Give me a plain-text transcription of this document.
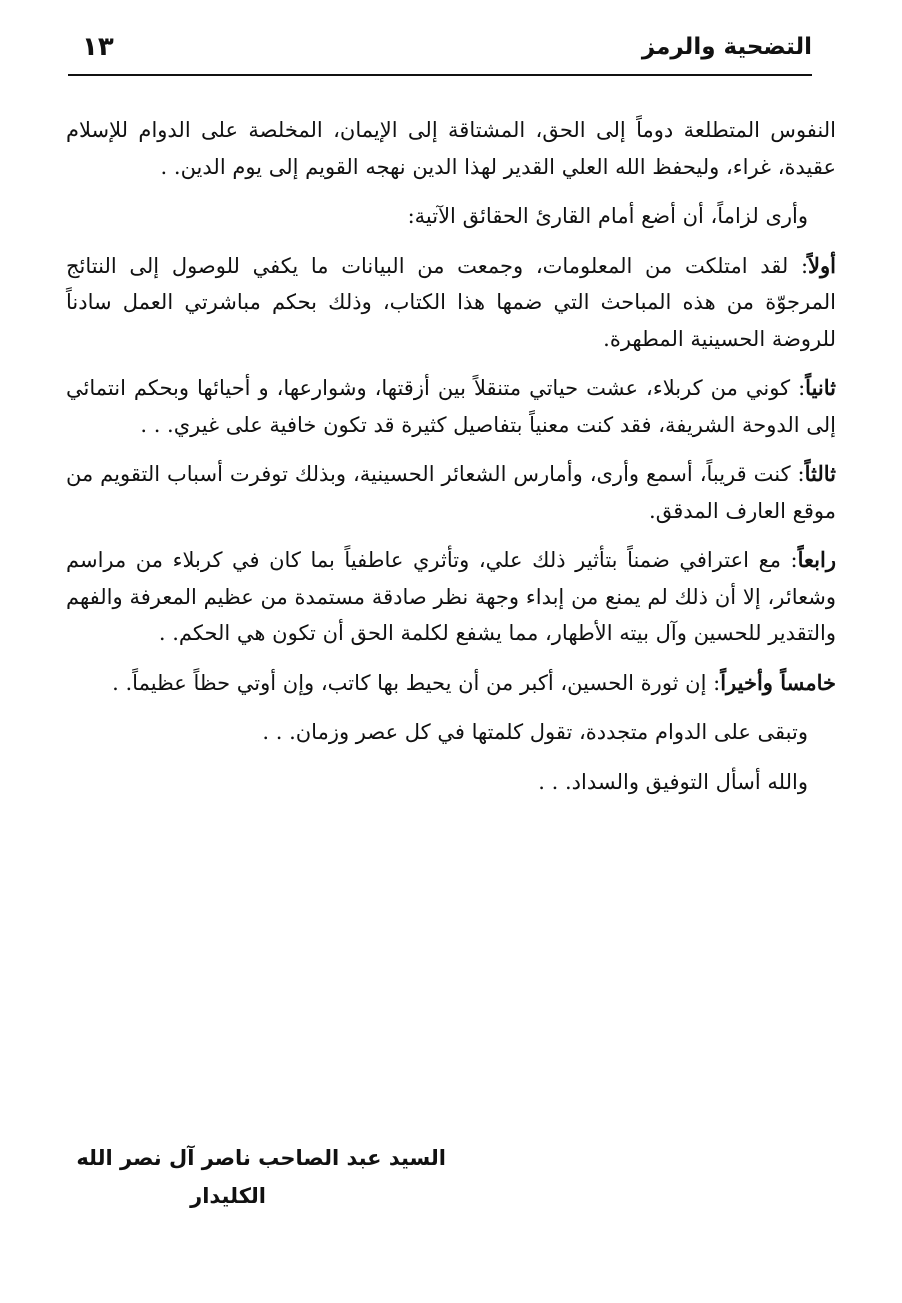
التضحية والرمز
١٣

النفوس المتطلعة دوماً إلى الحق، المشتاقة إلى الإيمان، المخلصة على الدوام للإسلام عقيدة، غراء، وليحفظ الله العلي القدير لهذا الدين نهجه القويم إلى يوم الدين. .

وأرى لزاماً، أن أضع أمام القارئ الحقائق الآتية:

أولاً: لقد امتلكت من المعلومات، وجمعت من البيانات ما يكفي للوصول إلى النتائج المرجوّة من هذه المباحث التي ضمها هذا الكتاب، وذلك بحكم مباشرتي العمل سادناً للروضة الحسينية المطهرة.

ثانياً: كوني من كربلاء، عشت حياتي متنقلاً بين أزقتها، وشوارعها، و أحيائها وبحكم انتمائي إلى الدوحة الشريفة، فقد كنت معنياً بتفاصيل كثيرة قد تكون خافية على غيري. . .

ثالثاً: كنت قريباً، أسمع وأرى، وأمارس الشعائر الحسينية، وبذلك توفرت أسباب التقويم من موقع العارف المدقق.

رابعاً: مع اعترافي ضمناً بتأثير ذلك علي، وتأثري عاطفياً بما كان في كربلاء من مراسم وشعائر، إلا أن ذلك لم يمنع من إبداء وجهة نظر صادقة مستمدة من عظيم المعرفة والفهم والتقدير للحسين وآل بيته الأطهار، مما يشفع لكلمة الحق أن تكون هي الحكم. .

خامساً وأخيراً: إن ثورة الحسين، أكبر من أن يحيط بها كاتب، وإن أوتي حظاً عظيماً. .

وتبقى على الدوام متجددة، تقول كلمتها في كل عصر وزمان. . .

والله أسأل التوفيق والسداد. . .

السيد عبد الصاحب ناصر آل نصر الله
الكليدار
